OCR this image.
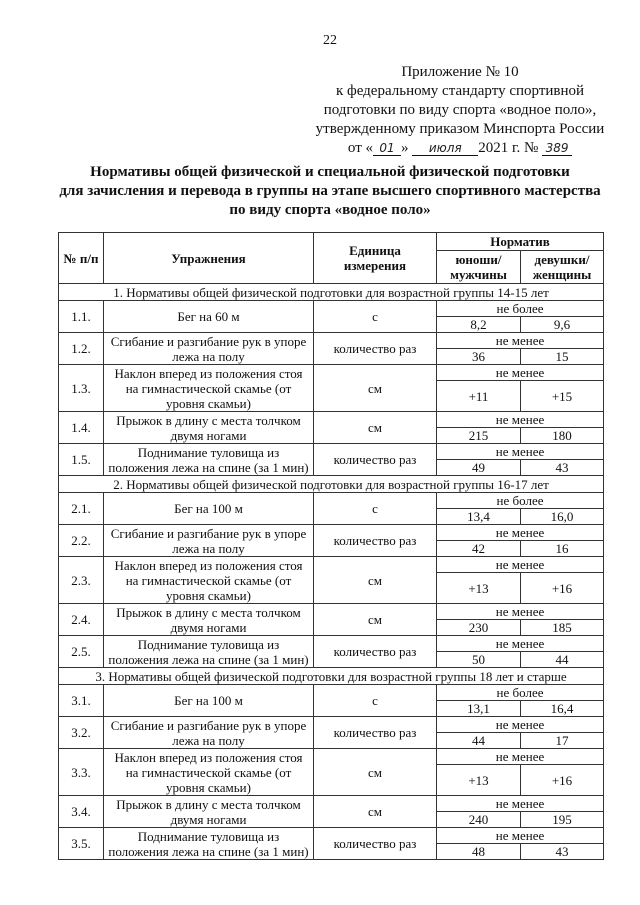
22
Приложение № 10
к федеральному стандарту спортивной
подготовки по виду спорта «водное поло»,
утвержденному приказом Минспорта России
от « 01 » июля 2021 г. № 389
Нормативы общей физической и специальной физической подготовки
для зачисления и перевода в группы на этапе высшего спортивного мастерства
по виду спорта «водное поло»
№ п/п	Упражнения	Единица измерения	Норматив	
			юноши/ мужчины	девушки/ женщины
1. Нормативы общей физической подготовки для возрастной группы 14-15 лет				
1.1.	Бег на 60 м	с	не более	
			8,2	9,6
1.2.	Сгибание и разгибание рук в упоре лежа на полу	количество раз	не менее	
			36	15
1.3.	Наклон вперед из положения стоя на гимнастической скамье (от уровня скамьи)	см	не менее	
			+11	+15
1.4.	Прыжок в длину с места толчком двумя ногами	см	не менее	
			215	180
1.5.	Поднимание туловища из положения лежа на спине (за 1 мин)	количество раз	не менее	
			49	43
2. Нормативы общей физической подготовки для возрастной группы 16-17 лет				
2.1.	Бег на 100 м	с	не более	
			13,4	16,0
2.2.	Сгибание и разгибание рук в упоре лежа на полу	количество раз	не менее	
			42	16
2.3.	Наклон вперед из положения стоя на гимнастической скамье (от уровня скамьи)	см	не менее	
			+13	+16
2.4.	Прыжок в длину с места толчком двумя ногами	см	не менее	
			230	185
2.5.	Поднимание туловища из положения лежа на спине (за 1 мин)	количество раз	не менее	
			50	44
3. Нормативы общей физической подготовки для возрастной группы 18 лет и старше				
3.1.	Бег на 100 м	с	не более	
			13,1	16,4
3.2.	Сгибание и разгибание рук в упоре лежа на полу	количество раз	не менее	
			44	17
3.3.	Наклон вперед из положения стоя на гимнастической скамье (от уровня скамьи)	см	не менее	
			+13	+16
3.4.	Прыжок в длину с места толчком двумя ногами	см	не менее	
			240	195
3.5.	Поднимание туловища из положения лежа на спине (за 1 мин)	количество раз	не менее	
			48	43
